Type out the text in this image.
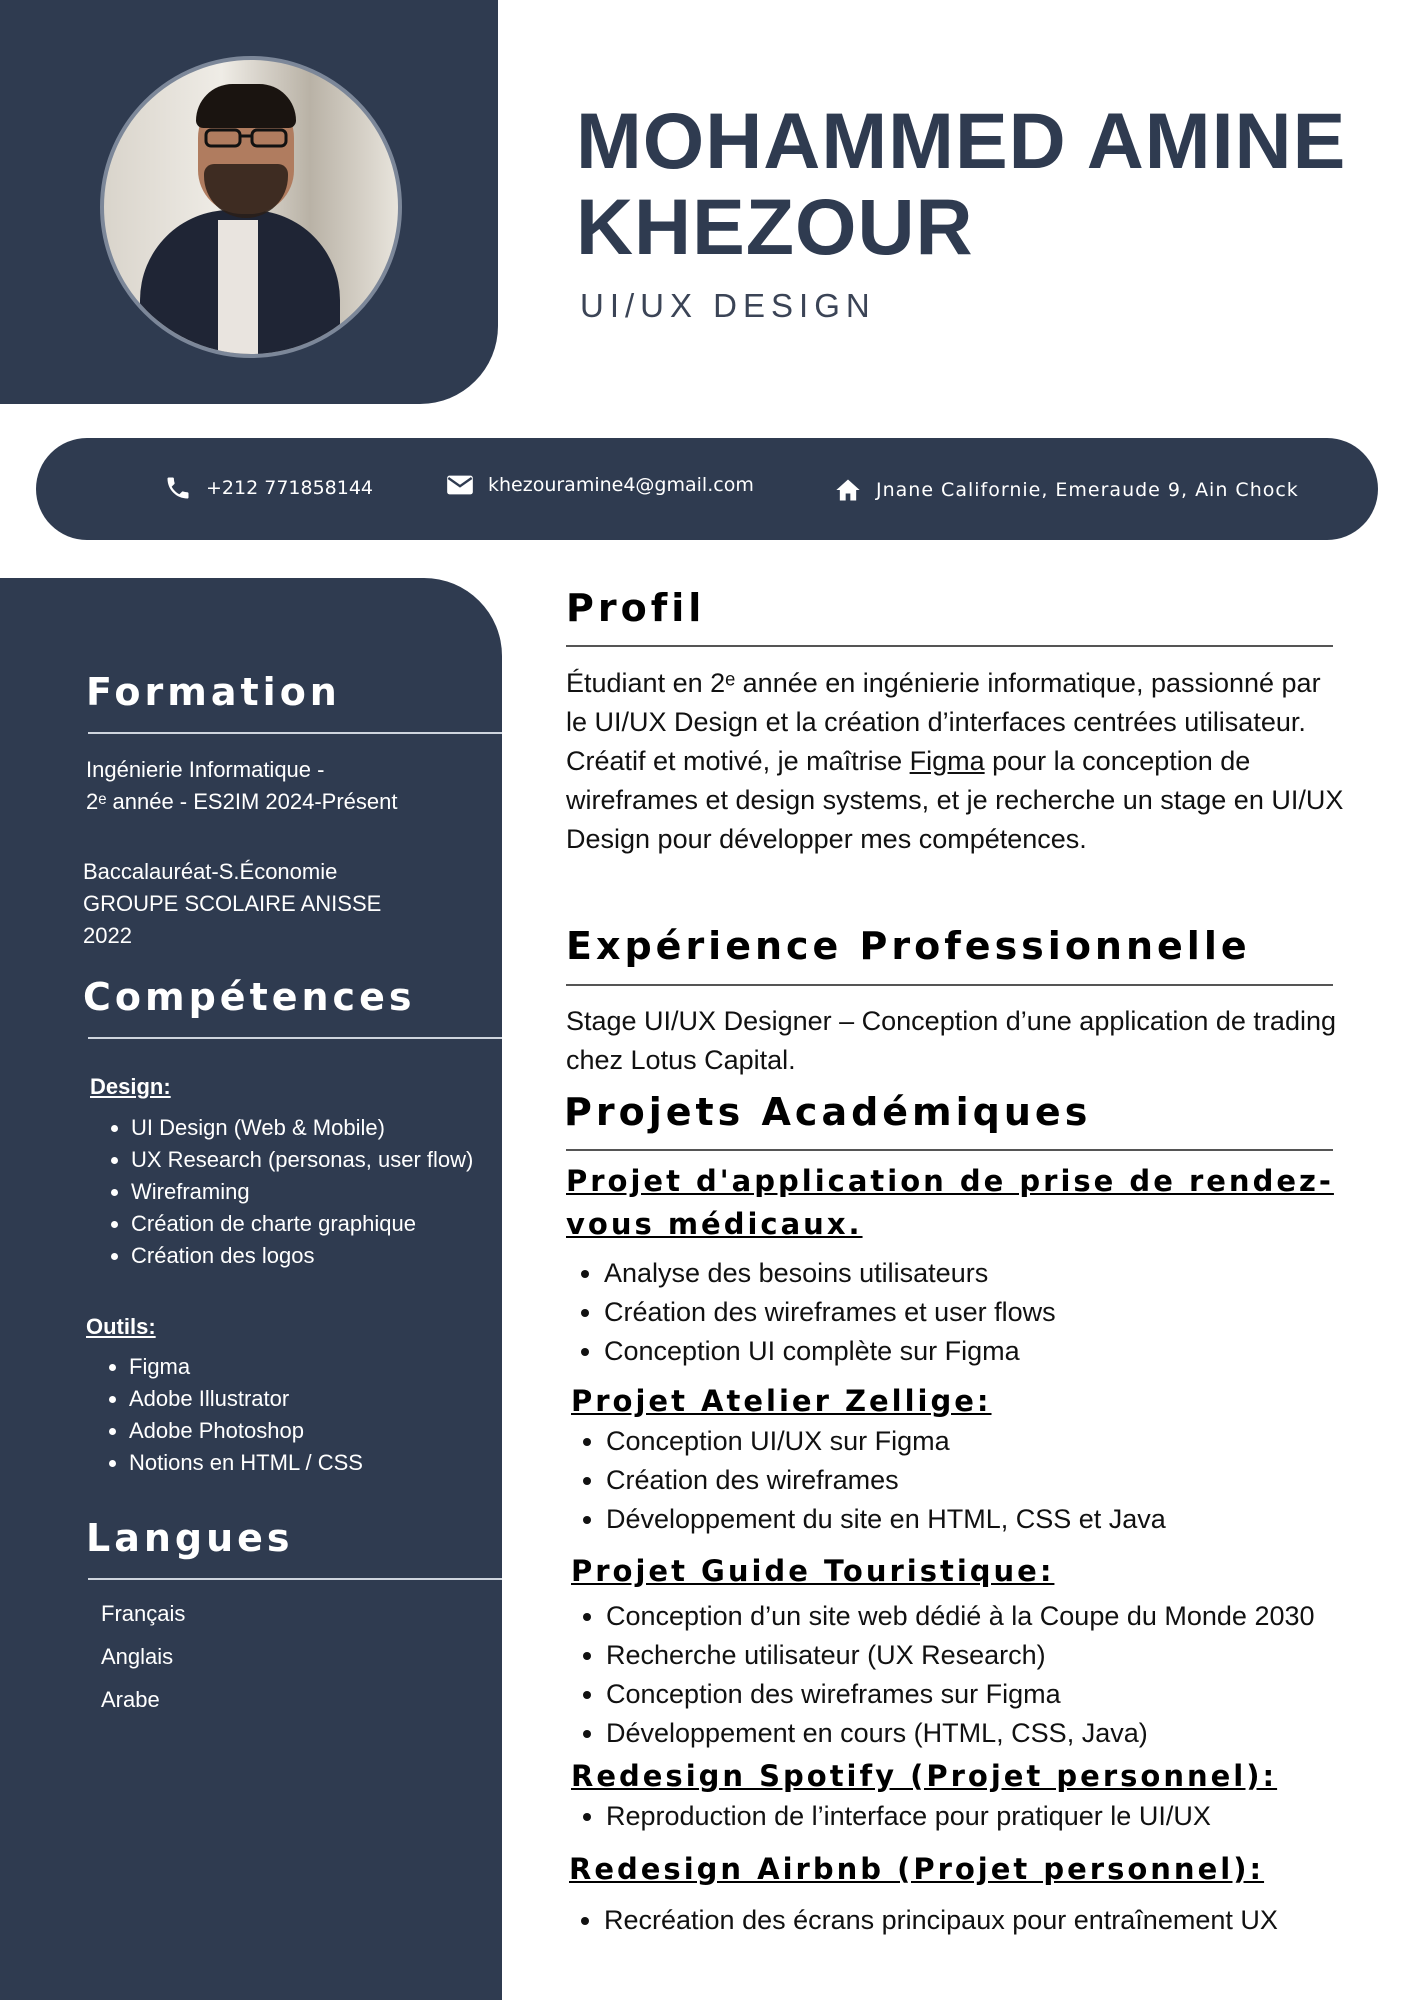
MOHAMMED AMINE
KHEZOUR
UI/UX DESIGN
+212 771858144	khezouramine4@gmail.com	Jnane Californie, Emeraude 9, Ain Chock
Formation

Ingénierie Informatique -
2ᵉ année - ES2IM 2024-Présent

Baccalauréat-S.Économie
GROUPE SCOLAIRE ANISSE
2022

Compétences
Design:
• UI Design (Web & Mobile)
• UX Research (personas, user flow)
• Wireframing
• Création de charte graphique
• Création des logos
Outils:
• Figma
• Adobe Illustrator
• Adobe Photoshop
• Notions en HTML / CSS
Langues
Français
Anglais
Arabe
Profil

Étudiant en 2ᵉ année en ingénierie informatique, passionné par le UI/UX Design et la création d’interfaces centrées utilisateur. Créatif et motivé, je maîtrise Figma pour la conception de wireframes et design systems, et je recherche un stage en UI/UX Design pour développer mes compétences.

Expérience Professionnelle

Stage UI/UX Designer – Conception d’une application de trading chez Lotus Capital.

Projets Académiques
Projet d'application de prise de rendez-vous médicaux.
• Analyse des besoins utilisateurs
• Création des wireframes et user flows
• Conception UI complète sur Figma
Projet Atelier Zellige:
• Conception UI/UX sur Figma
• Création des wireframes
• Développement du site en HTML, CSS et Java
Projet Guide Touristique:
• Conception d’un site web dédié à la Coupe du Monde 2030
• Recherche utilisateur (UX Research)
• Conception des wireframes sur Figma
• Développement en cours (HTML, CSS, Java)
Redesign Spotify (Projet personnel):
• Reproduction de l’interface pour pratiquer le UI/UX
Redesign Airbnb (Projet personnel):
• Recréation des écrans principaux pour entraînement UX
